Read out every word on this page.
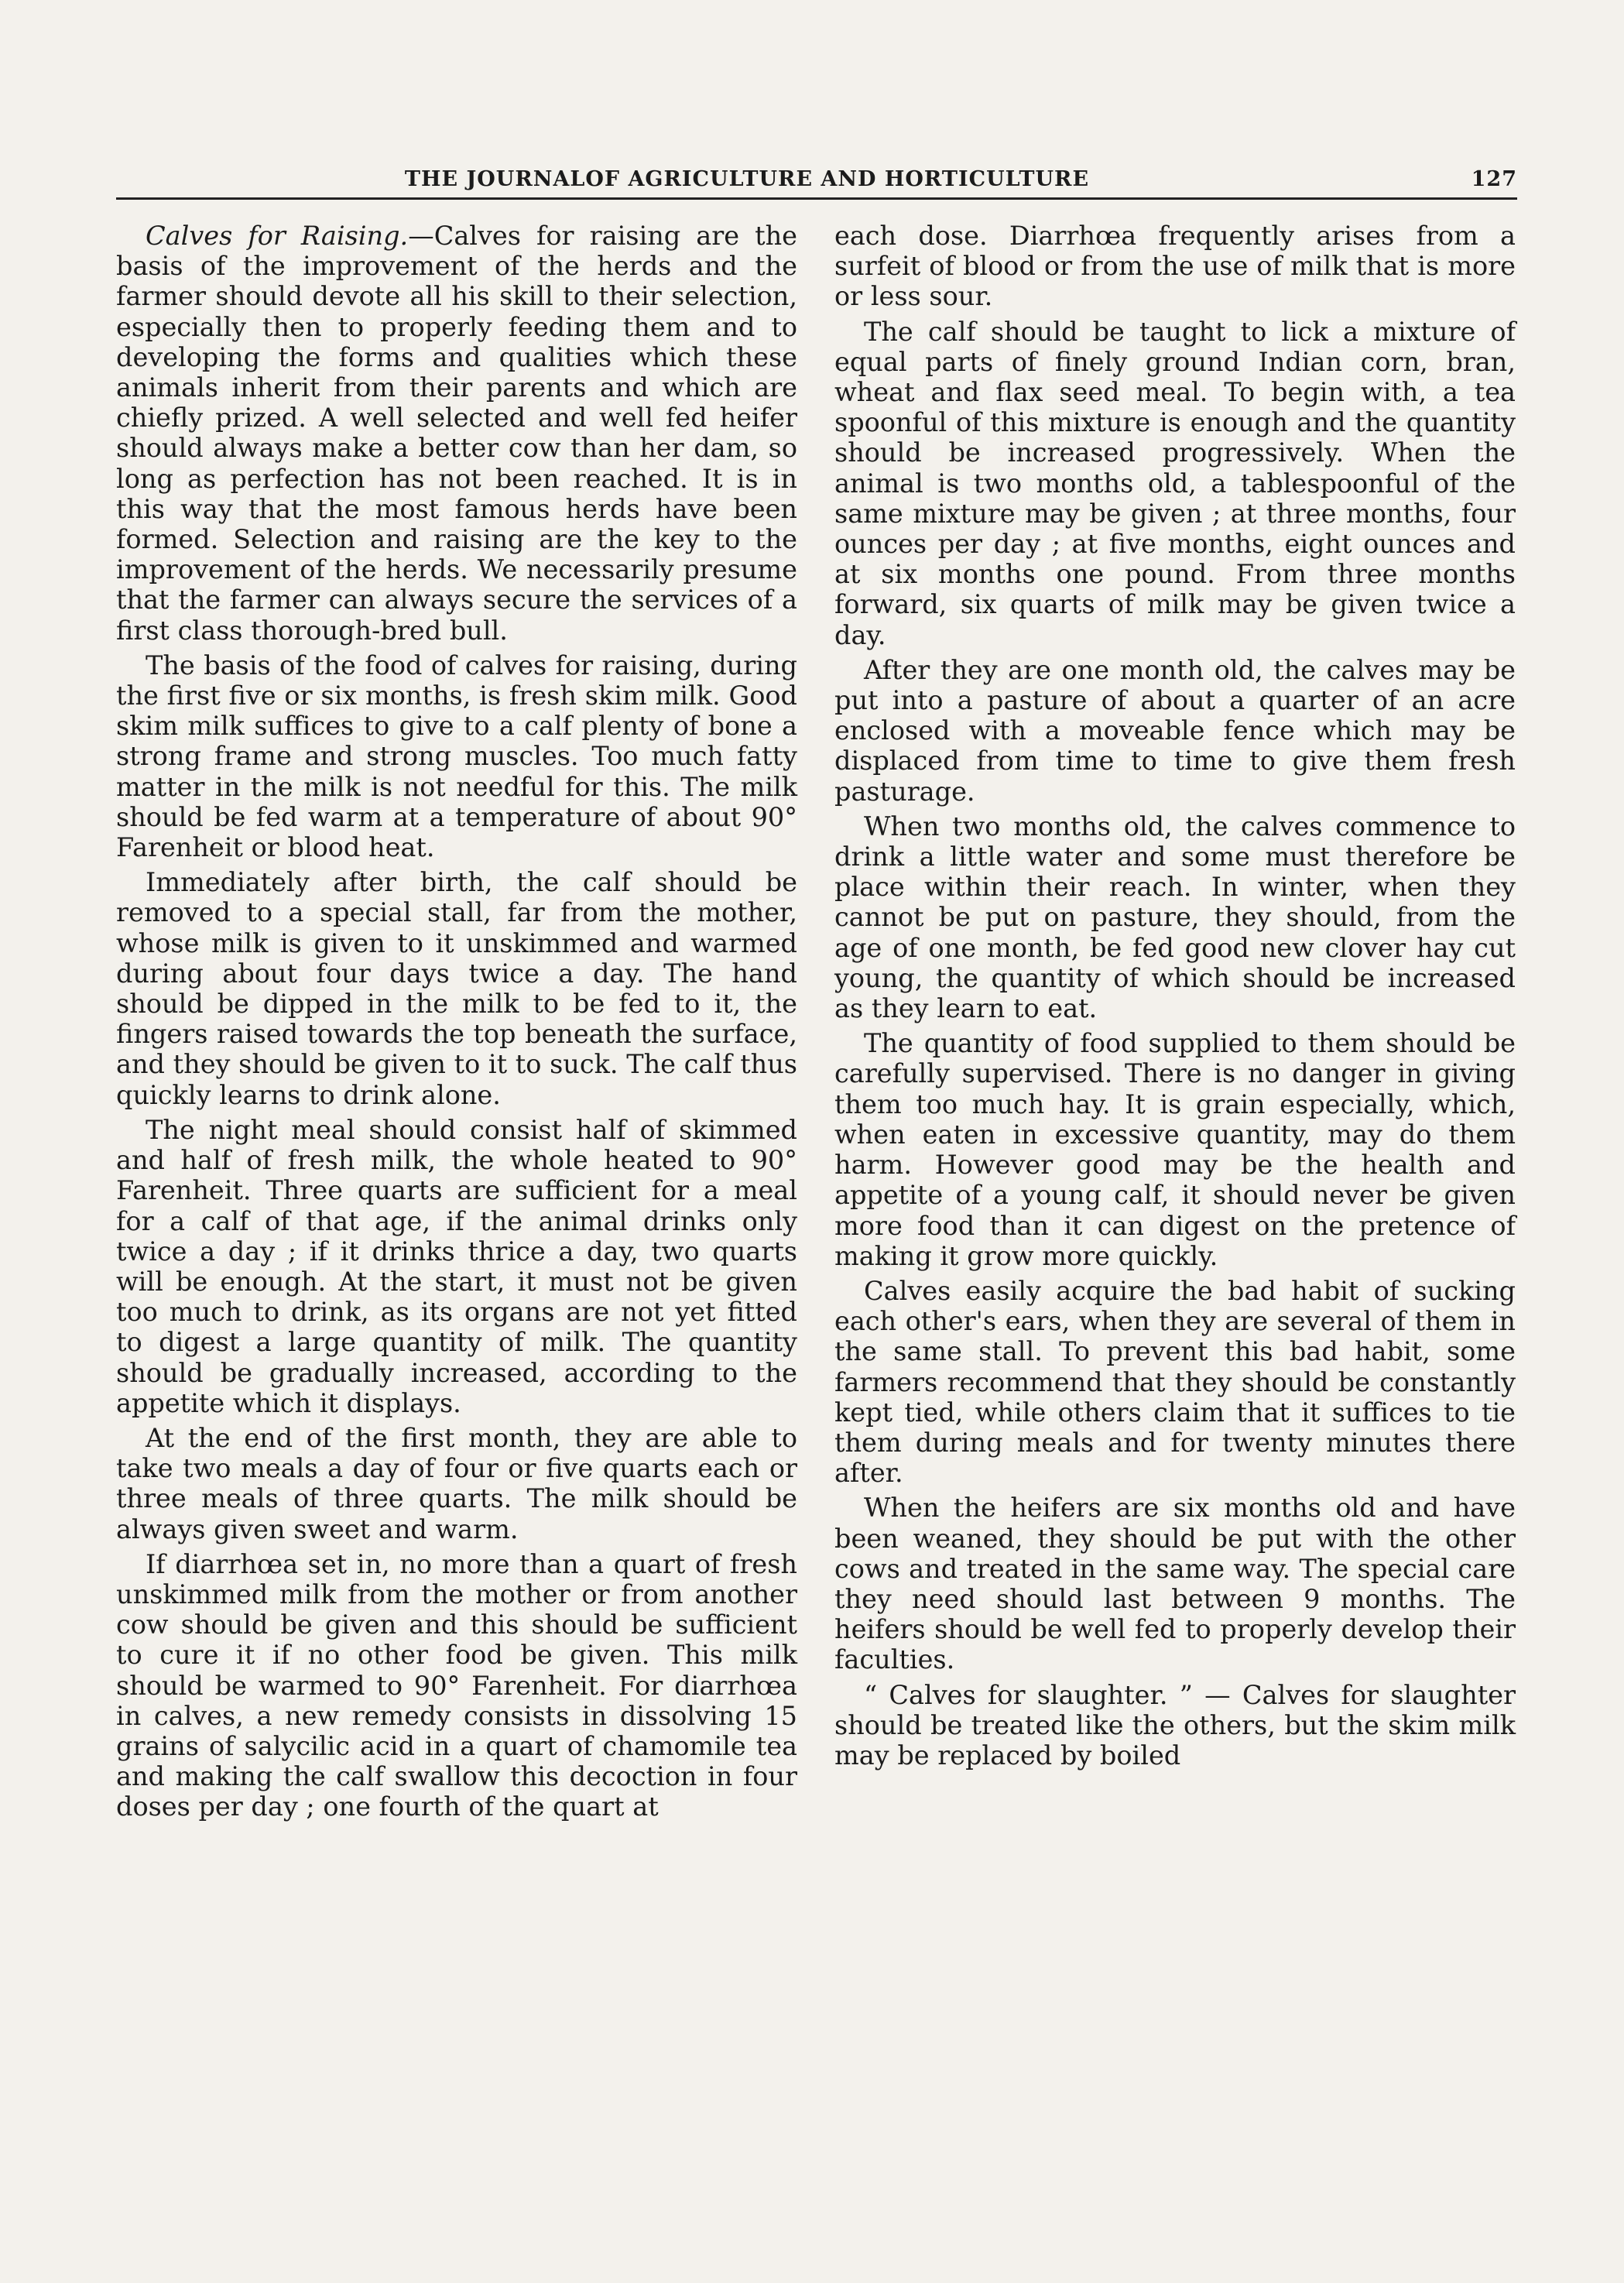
THE JOURNALOF AGRICULTURE AND HORTICULTURE	127

Calves for Raising.—Calves for raising are the basis of the improvement of the herds and the farmer should devote all his skill to their selection, especially then to properly feeding them and to developing the forms and qualities which these animals inherit from their parents and which are chiefly prized. A well selected and well fed heifer should always make a better cow than her dam, so long as perfection has not been reached. It is in this way that the most famous herds have been formed. Selection and raising are the key to the improvement of the herds. We necessarily presume that the farmer can always secure the services of a first class thorough-bred bull.

The basis of the food of calves for raising, during the first five or six months, is fresh skim milk. Good skim milk suffices to give to a calf plenty of bone a strong frame and strong muscles. Too much fatty matter in the milk is not needful for this. The milk should be fed warm at a temperature of about 90° Farenheit or blood heat.

Immediately after birth, the calf should be removed to a special stall, far from the mother, whose milk is given to it unskimmed and warmed during about four days twice a day. The hand should be dipped in the milk to be fed to it, the fingers raised towards the top beneath the surface, and they should be given to it to suck. The calf thus quickly learns to drink alone.

The night meal should consist half of skimmed and half of fresh milk, the whole heated to 90° Farenheit. Three quarts are sufficient for a meal for a calf of that age, if the animal drinks only twice a day ; if it drinks thrice a day, two quarts will be enough. At the start, it must not be given too much to drink, as its organs are not yet fitted to digest a large quantity of milk. The quantity should be gradually increased, according to the appetite which it displays.

At the end of the first month, they are able to take two meals a day of four or five quarts each or three meals of three quarts. The milk should be always given sweet and warm.

If diarrhœa set in, no more than a quart of fresh unskimmed milk from the mother or from another cow should be given and this should be sufficient to cure it if no other food be given. This milk should be warmed to 90° Farenheit. For diarrhœa in calves, a new remedy consists in dissolving 15 grains of salycilic acid in a quart of chamomile tea and making the calf swallow this decoction in four doses per day ; one fourth of the quart at

each dose. Diarrhœa frequently arises from a surfeit of blood or from the use of milk that is more or less sour.

The calf should be taught to lick a mixture of equal parts of finely ground Indian corn, bran, wheat and flax seed meal. To begin with, a tea spoonful of this mixture is enough and the quantity should be increased progressively. When the animal is two months old, a tablespoonful of the same mixture may be given ; at three months, four ounces per day ; at five months, eight ounces and at six months one pound. From three months forward, six quarts of milk may be given twice a day.

After they are one month old, the calves may be put into a pasture of about a quarter of an acre enclosed with a moveable fence which may be displaced from time to time to give them fresh pasturage.

When two months old, the calves commence to drink a little water and some must therefore be place within their reach. In winter, when they cannot be put on pasture, they should, from the age of one month, be fed good new clover hay cut young, the quantity of which should be increased as they learn to eat.

The quantity of food supplied to them should be carefully supervised. There is no danger in giving them too much hay. It is grain especially, which, when eaten in excessive quantity, may do them harm. However good may be the health and appetite of a young calf, it should never be given more food than it can digest on the pretence of making it grow more quickly.

Calves easily acquire the bad habit of sucking each other's ears, when they are several of them in the same stall. To prevent this bad habit, some farmers recommend that they should be constantly kept tied, while others claim that it suffices to tie them during meals and for twenty minutes there after.

When the heifers are six months old and have been weaned, they should be put with the other cows and treated in the same way. The special care they need should last between 9 months. The heifers should be well fed to properly develop their faculties.

“ Calves for slaughter. ” — Calves for slaughter should be treated like the others, but the skim milk may be replaced by boiled
